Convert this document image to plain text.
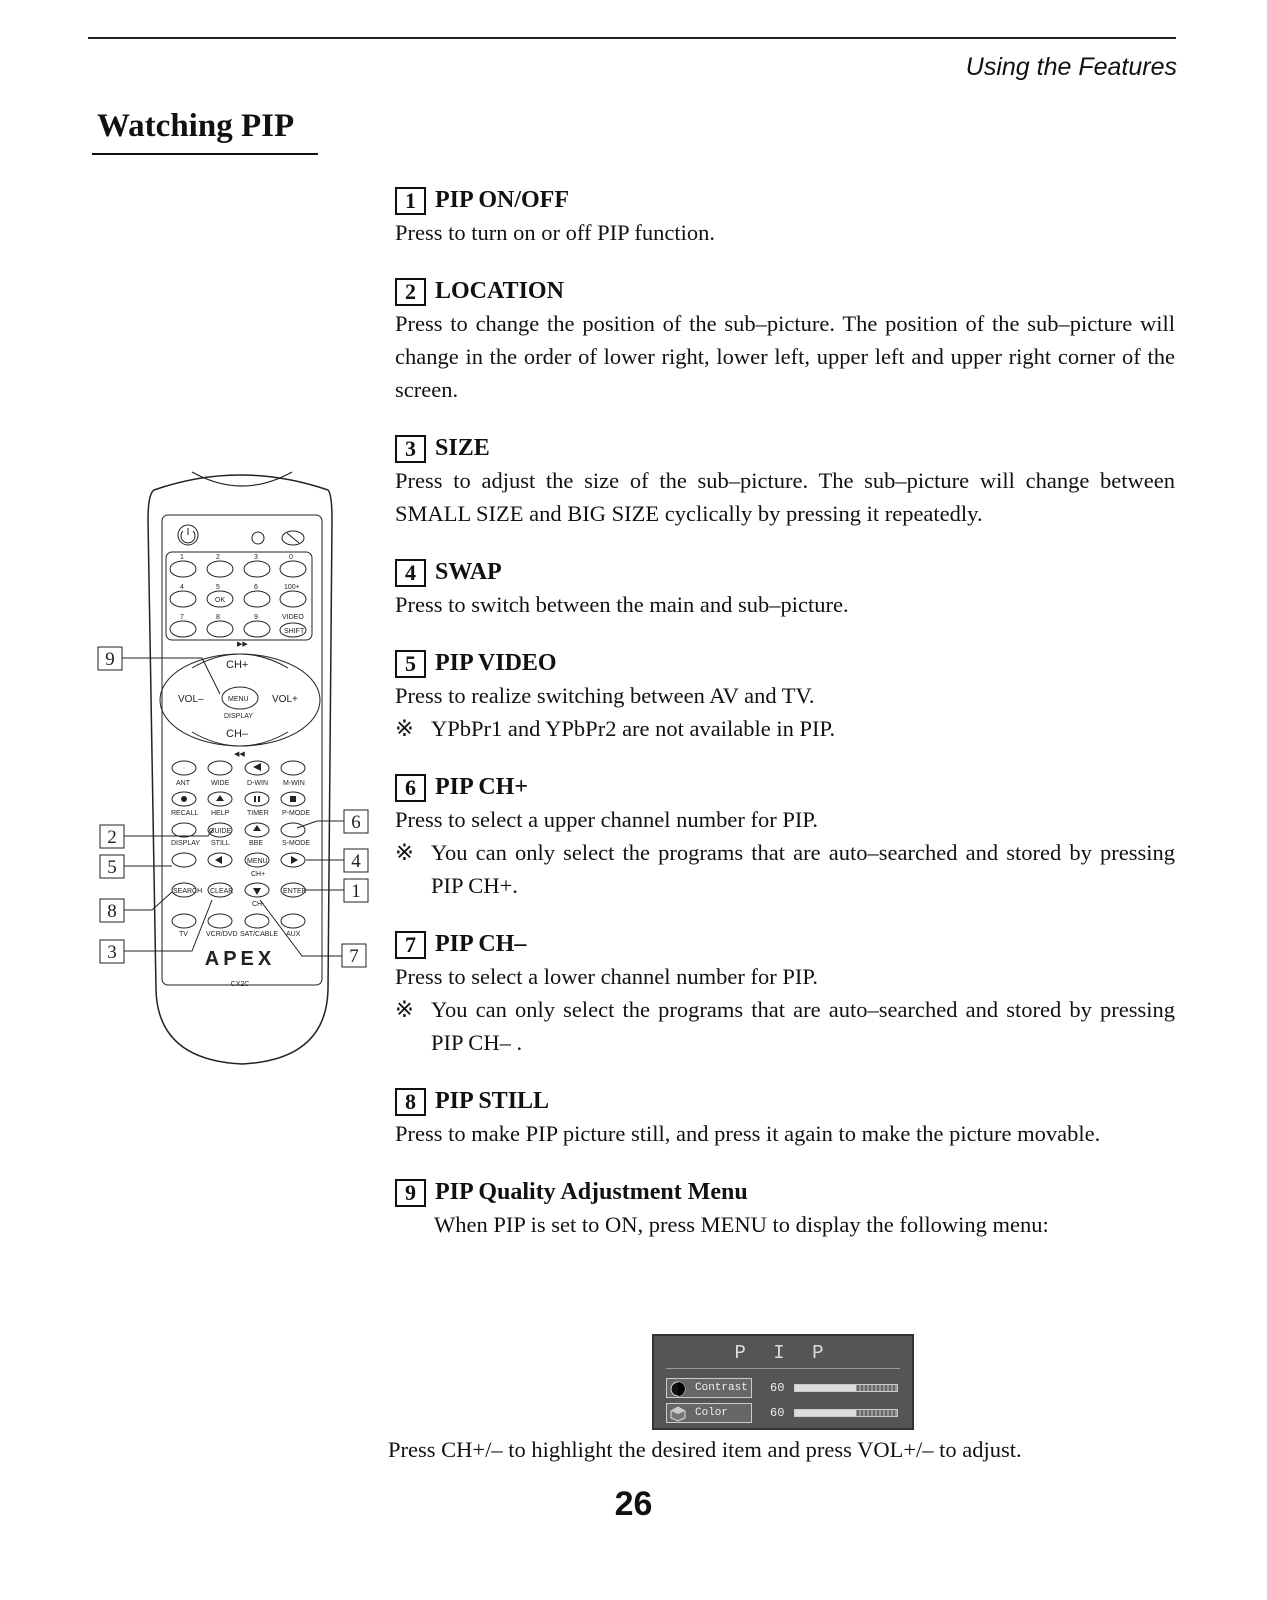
Using the Features
Watching PIP
1 PIP ON/OFF
Press to turn on or off PIP function.
2 LOCATION
Press to change the position of the sub–picture. The position of the sub–picture will change in the order of lower right, lower left, upper left and upper right corner of the screen.
3 SIZE
Press to adjust the size of the sub–picture. The sub–picture will change between SMALL SIZE and BIG SIZE cyclically by pressing it repeatedly.
4 SWAP
Press to switch between the main and sub–picture.
5 PIP VIDEO
Press to realize switching between AV and TV.
※ YPbPr1 and YPbPr2 are not available in PIP.
6 PIP CH+
Press to select a upper channel number for PIP.
※ You can only select the programs that are auto–searched and stored by pressing PIP CH+.
7 PIP CH–
Press to select a lower channel number for PIP.
※ You can only select the programs that are auto–searched and stored by pressing PIP CH– .
8 PIP STILL
Press to make PIP picture still, and press it again to make the picture movable.
9 PIP Quality Adjustment Menu
When PIP is set to ON, press MENU to display the following menu:
P I P
Contrast	60
Color	60
Press CH+/– to highlight the desired item and press VOL+/– to adjust.
26
1	2	3	0
4	5	6	100+
7	8	9	VIDEO
SHIFT
OK
▶▶
CH+
CH–
VOL–	VOL+
MENU
DISPLAY
◀◀
ANT	WIDE	D-WIN M-WIN
RECALL HELP	TIMER P-MODE
DISPLAY STILL	BBE	S-MODE
GUIDE
MENU
CH+
SEARCH CLEAR	ENTER
CH-
TV	VCR/DVD SAT/CABLE AUX
APEX
CX2C
9
2
5
8
3
6
4
1
7
